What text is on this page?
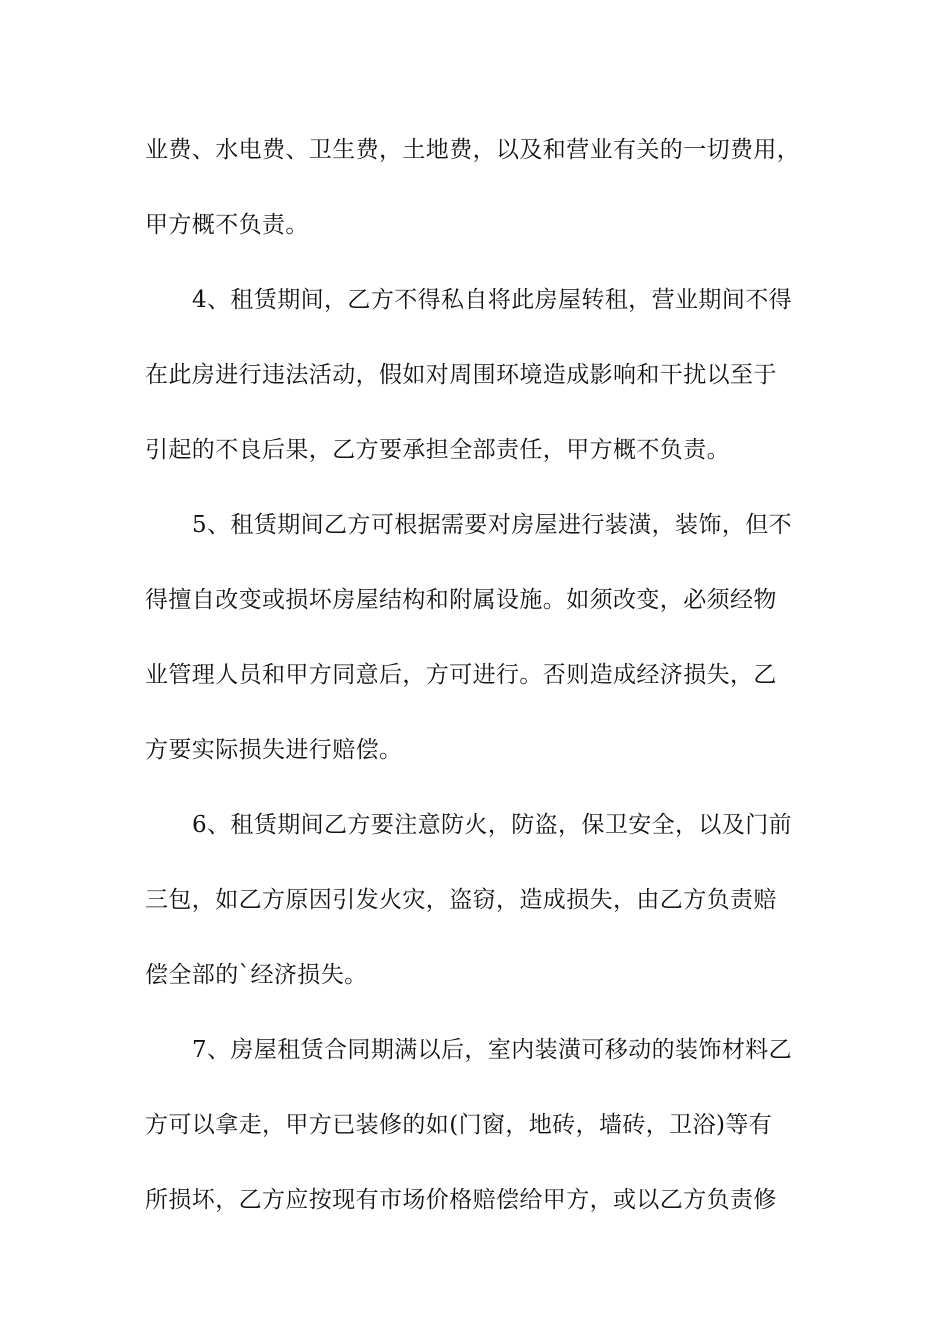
业费、水电费、卫生费，土地费，以及和营业有关的一切费用，
甲方概不负责。
4、租赁期间，乙方不得私自将此房屋转租，营业期间不得
在此房进行违法活动，假如对周围环境造成影响和干扰以至于
引起的不良后果，乙方要承担全部责任，甲方概不负责。
5、租赁期间乙方可根据需要对房屋进行装潢，装饰，但不
得擅自改变或损坏房屋结构和附属设施。如须改变，必须经物
业管理人员和甲方同意后，方可进行。否则造成经济损失，乙
方要实际损失进行赔偿。
6、租赁期间乙方要注意防火，防盗，保卫安全，以及门前
三包，如乙方原因引发火灾，盗窃，造成损失，由乙方负责赔
偿全部的`经济损失。
7、房屋租赁合同期满以后，室内装潢可移动的装饰材料乙
方可以拿走，甲方已装修的如(门窗，地砖，墙砖，卫浴)等有
所损坏，乙方应按现有市场价格赔偿给甲方，或以乙方负责修
